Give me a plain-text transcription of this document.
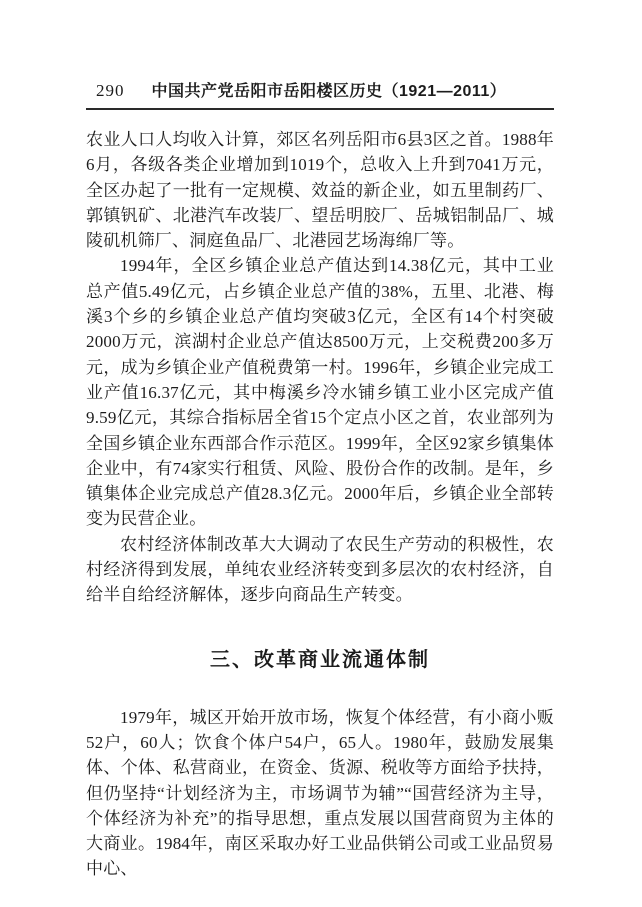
290 中国共产党岳阳市岳阳楼区历史（1921—2011）

农业人口人均收入计算，郊区名列岳阳市6县3区之首。1988年6月，各级各类企业增加到1019个，总收入上升到7041万元，全区办起了一批有一定规模、效益的新企业，如五里制药厂、郭镇钒矿、北港汽车改装厂、望岳明胶厂、岳城铝制品厂、城陵矶机筛厂、洞庭鱼品厂、北港园艺场海绵厂等。

1994年，全区乡镇企业总产值达到14.38亿元，其中工业总产值5.49亿元，占乡镇企业总产值的38%，五里、北港、梅溪3个乡的乡镇企业总产值均突破3亿元，全区有14个村突破2000万元，滨湖村企业总产值达8500万元，上交税费200多万元，成为乡镇企业产值税费第一村。1996年，乡镇企业完成工业产值16.37亿元，其中梅溪乡冷水铺乡镇工业小区完成产值9.59亿元，其综合指标居全省15个定点小区之首，农业部列为全国乡镇企业东西部合作示范区。1999年，全区92家乡镇集体企业中，有74家实行租赁、风险、股份合作的改制。是年，乡镇集体企业完成总产值28.3亿元。2000年后，乡镇企业全部转变为民营企业。

农村经济体制改革大大调动了农民生产劳动的积极性，农村经济得到发展，单纯农业经济转变到多层次的农村经济，自给半自给经济解体，逐步向商品生产转变。

三、改革商业流通体制

1979年，城区开始开放市场，恢复个体经营，有小商小贩52户，60人；饮食个体户54户，65人。1980年，鼓励发展集体、个体、私营商业，在资金、货源、税收等方面给予扶持，但仍坚持“计划经济为主，市场调节为辅”“国营经济为主导，个体经济为补充”的指导思想，重点发展以国营商贸为主体的大商业。1984年，南区采取办好工业品供销公司或工业品贸易中心、
